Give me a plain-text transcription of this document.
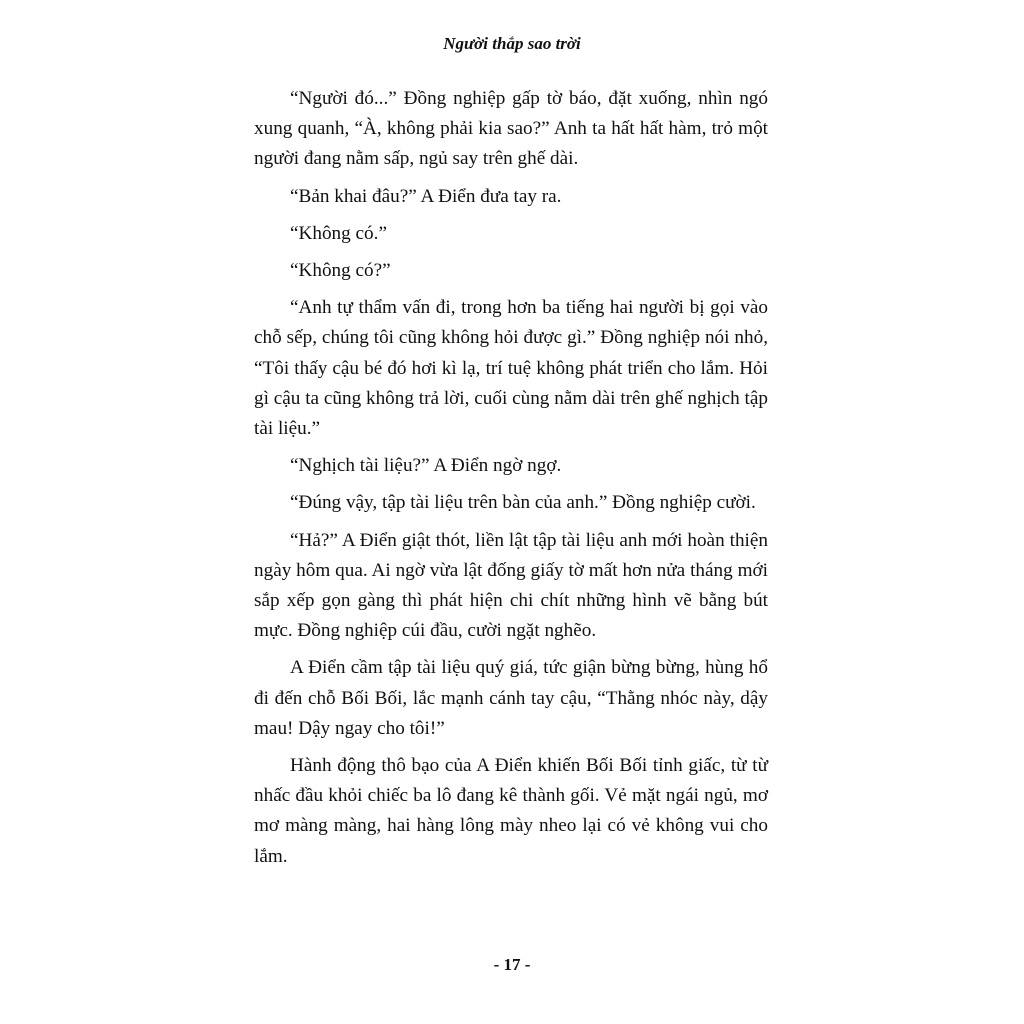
Người thắp sao trời

“Người đó...” Đồng nghiệp gấp tờ báo, đặt xuống, nhìn ngó xung quanh, “À, không phải kia sao?” Anh ta hất hất hàm, trỏ một người đang nằm sấp, ngủ say trên ghế dài.

“Bản khai đâu?” A Điển đưa tay ra.

“Không có.”

“Không có?”

“Anh tự thẩm vấn đi, trong hơn ba tiếng hai người bị gọi vào chỗ sếp, chúng tôi cũng không hỏi được gì.” Đồng nghiệp nói nhỏ, “Tôi thấy cậu bé đó hơi kì lạ, trí tuệ không phát triển cho lắm. Hỏi gì cậu ta cũng không trả lời, cuối cùng nằm dài trên ghế nghịch tập tài liệu.”

“Nghịch tài liệu?” A Điển ngờ ngợ.

“Đúng vậy, tập tài liệu trên bàn của anh.” Đồng nghiệp cười.

“Hả?” A Điển giật thót, liền lật tập tài liệu anh mới hoàn thiện ngày hôm qua. Ai ngờ vừa lật đống giấy tờ mất hơn nửa tháng mới sắp xếp gọn gàng thì phát hiện chi chít những hình vẽ bằng bút mực. Đồng nghiệp cúi đầu, cười ngặt nghẽo.

A Điển cầm tập tài liệu quý giá, tức giận bừng bừng, hùng hổ đi đến chỗ Bối Bối, lắc mạnh cánh tay cậu, “Thằng nhóc này, dậy mau! Dậy ngay cho tôi!”

Hành động thô bạo của A Điển khiến Bối Bối tỉnh giấc, từ từ nhấc đầu khỏi chiếc ba lô đang kê thành gối. Vẻ mặt ngái ngủ, mơ mơ màng màng, hai hàng lông mày nheo lại có vẻ không vui cho lắm.

- 17 -
